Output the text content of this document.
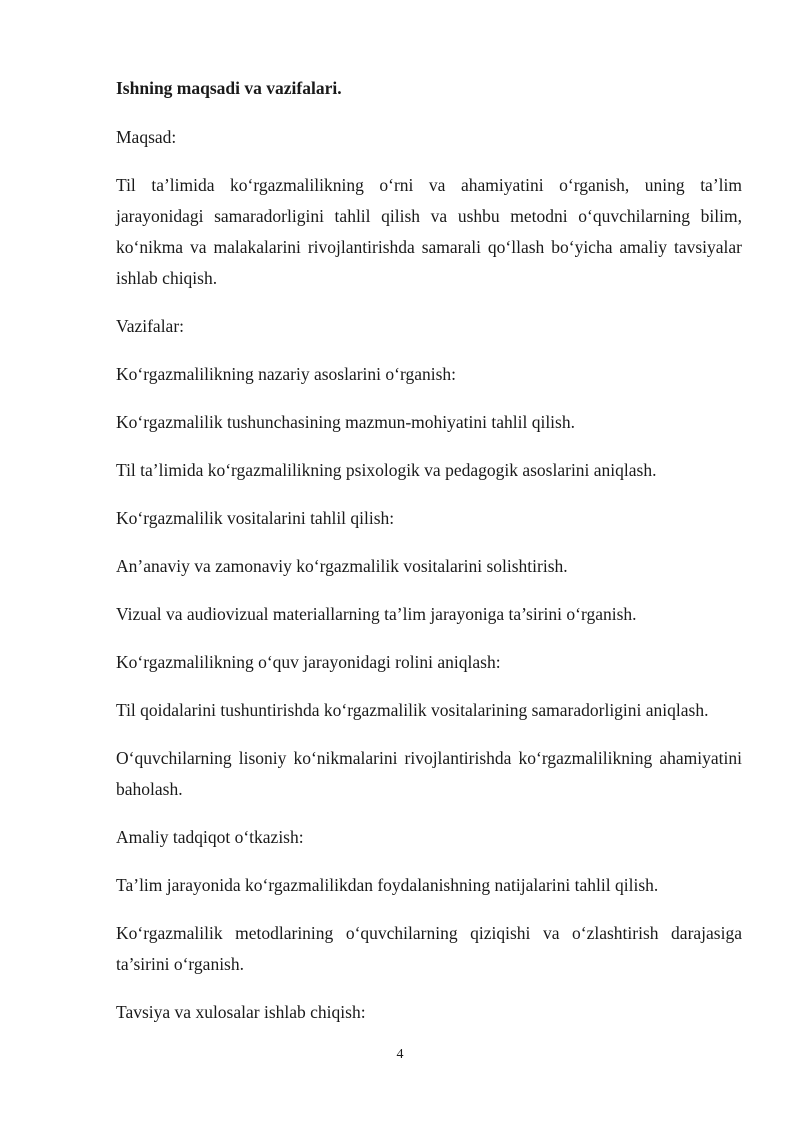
Ishning maqsadi va vazifalari.

Maqsad:

Til ta’limida ko‘rgazmalilikning o‘rni va ahamiyatini o‘rganish, uning ta’lim jarayonidagi samaradorligini tahlil qilish va ushbu metodni o‘quvchilarning bilim, ko‘nikma va malakalarini rivojlantirishda samarali qo‘llash bo‘yicha amaliy tavsiyalar ishlab chiqish.

Vazifalar:

Ko‘rgazmalilikning nazariy asoslarini o‘rganish:

Ko‘rgazmalilik tushunchasining mazmun-mohiyatini tahlil qilish.

Til ta’limida ko‘rgazmalilikning psixologik va pedagogik asoslarini aniqlash.

Ko‘rgazmalilik vositalarini tahlil qilish:

An’anaviy va zamonaviy ko‘rgazmalilik vositalarini solishtirish.

Vizual va audiovizual materiallarning ta’lim jarayoniga ta’sirini o‘rganish.

Ko‘rgazmalilikning o‘quv jarayonidagi rolini aniqlash:

Til qoidalarini tushuntirishda ko‘rgazmalilik vositalarining samaradorligini aniqlash.

O‘quvchilarning lisoniy ko‘nikmalarini rivojlantirishda ko‘rgazmalilikning ahamiyatini baholash.

Amaliy tadqiqot o‘tkazish:

Ta’lim jarayonida ko‘rgazmalilikdan foydalanishning natijalarini tahlil qilish.

Ko‘rgazmalilik metodlarining o‘quvchilarning qiziqishi va o‘zlashtirish darajasiga ta’sirini o‘rganish.

Tavsiya va xulosalar ishlab chiqish:

4
